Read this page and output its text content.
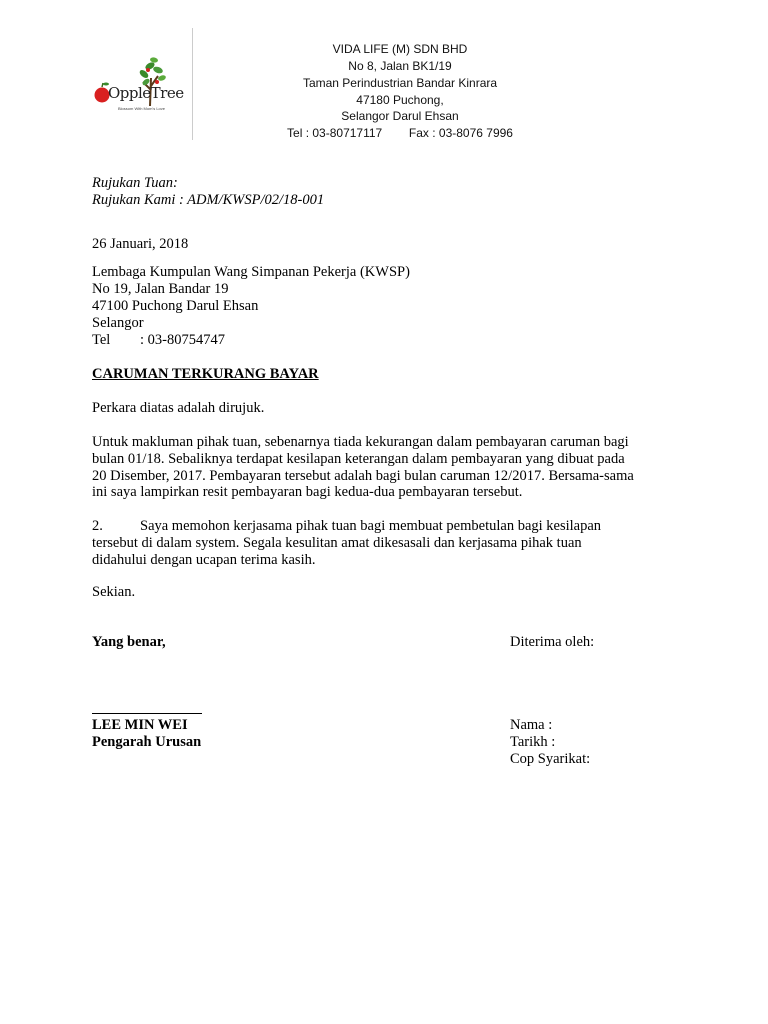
OppleTree
Blossom With Mom's Love
VIDA LIFE (M) SDN BHD
No 8, Jalan BK1/19
Taman Perindustrian Bandar Kinrara
47180 Puchong,
Selangor Darul Ehsan
Tel : 03-80717117        Fax : 03-8076 7996
Rujukan Tuan:
Rujukan Kami : ADM/KWSP/02/18-001
26 Januari, 2018
Lembaga Kumpulan Wang Simpanan Pekerja (KWSP)
No 19, Jalan Bandar 19
47100 Puchong Darul Ehsan
Selangor
Tel : 03-80754747
CARUMAN TERKURANG BAYAR
Perkara diatas adalah dirujuk.
Untuk makluman pihak tuan, sebenarnya tiada kekurangan dalam pembayaran caruman bagi
bulan 01/18. Sebaliknya terdapat kesilapan keterangan dalam pembayaran yang dibuat pada
20 Disember, 2017. Pembayaran tersebut adalah bagi bulan caruman 12/2017. Bersama-sama
ini saya lampirkan resit pembayaran bagi kedua-dua pembayaran tersebut.
2.	Saya memohon kerjasama pihak tuan bagi membuat pembetulan bagi kesilapan
tersebut di dalam system. Segala kesulitan amat dikesasali dan kerjasama pihak tuan
didahului dengan ucapan terima kasih.
Sekian.
Yang benar,	Diterima oleh:
LEE MIN WEI
Pengarah Urusan
Nama :
Tarikh :
Cop Syarikat:
